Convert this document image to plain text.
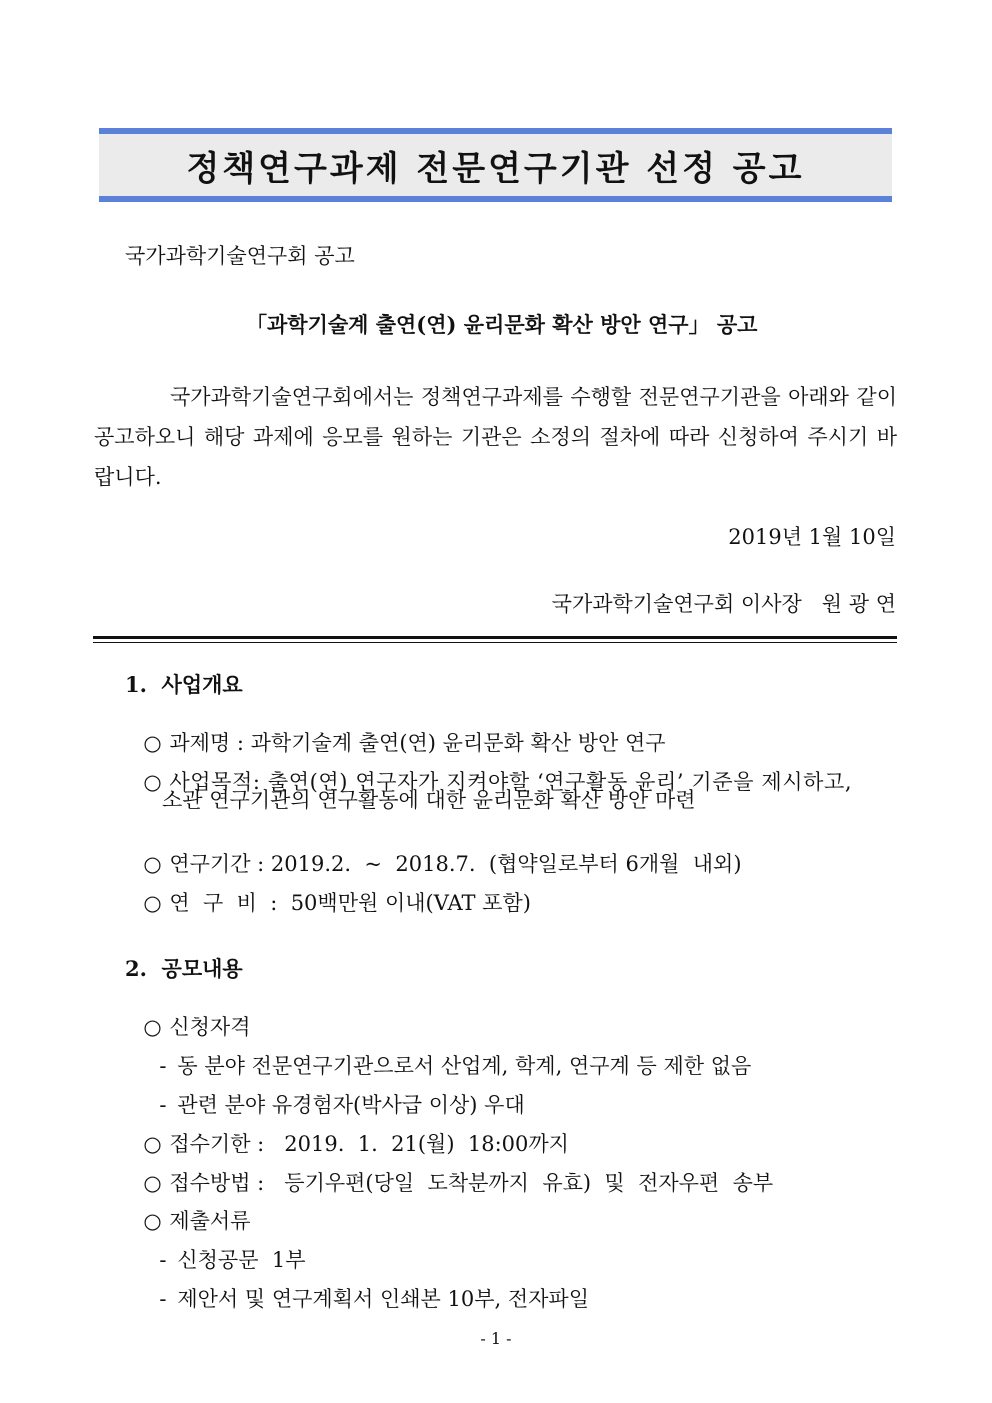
정책연구과제 전문연구기관 선정 공고
국가과학기술연구회 공고
「과학기술계 출연(연) 윤리문화 확산 방안 연구」 공고
국가과학기술연구회에서는 정책연구과제를 수행할 전문연구기관을 아래와 같이 공고하오니 해당 과제에 응모를 원하는 기관은 소정의 절차에 따라 신청하여 주시기 바랍니다.
2019년 1월 10일
국가과학기술연구회 이사장   원 광 연
1.  사업개요

○ 과제명 : 과학기술계 출연(연) 윤리문화 확산 방안 연구

○ 사업목적: 출연(연) 연구자가 지켜야할 ‘연구활동 윤리’ 기준을 제시하고,

소관 연구기관의 연구활동에 대한 윤리문화 확산 방안 마련

○ 연구기간 : 2019.2.  ~  2018.7.  (협약일로부터 6개월  내외)

○ 연  구  비  :  50백만원 이내(VAT 포함)

2.  공모내용

○ 신청자격

- 동 분야 전문연구기관으로서 산업계, 학계, 연구계 등 제한 없음

- 관련 분야 유경험자(박사급 이상) 우대

○ 접수기한 :   2019.  1.  21(월)  18:00까지

○ 접수방법 :   등기우편(당일  도착분까지  유효)  및  전자우편  송부

○ 제출서류

- 신청공문  1부

- 제안서 및 연구계획서 인쇄본 10부, 전자파일

- 1 -
